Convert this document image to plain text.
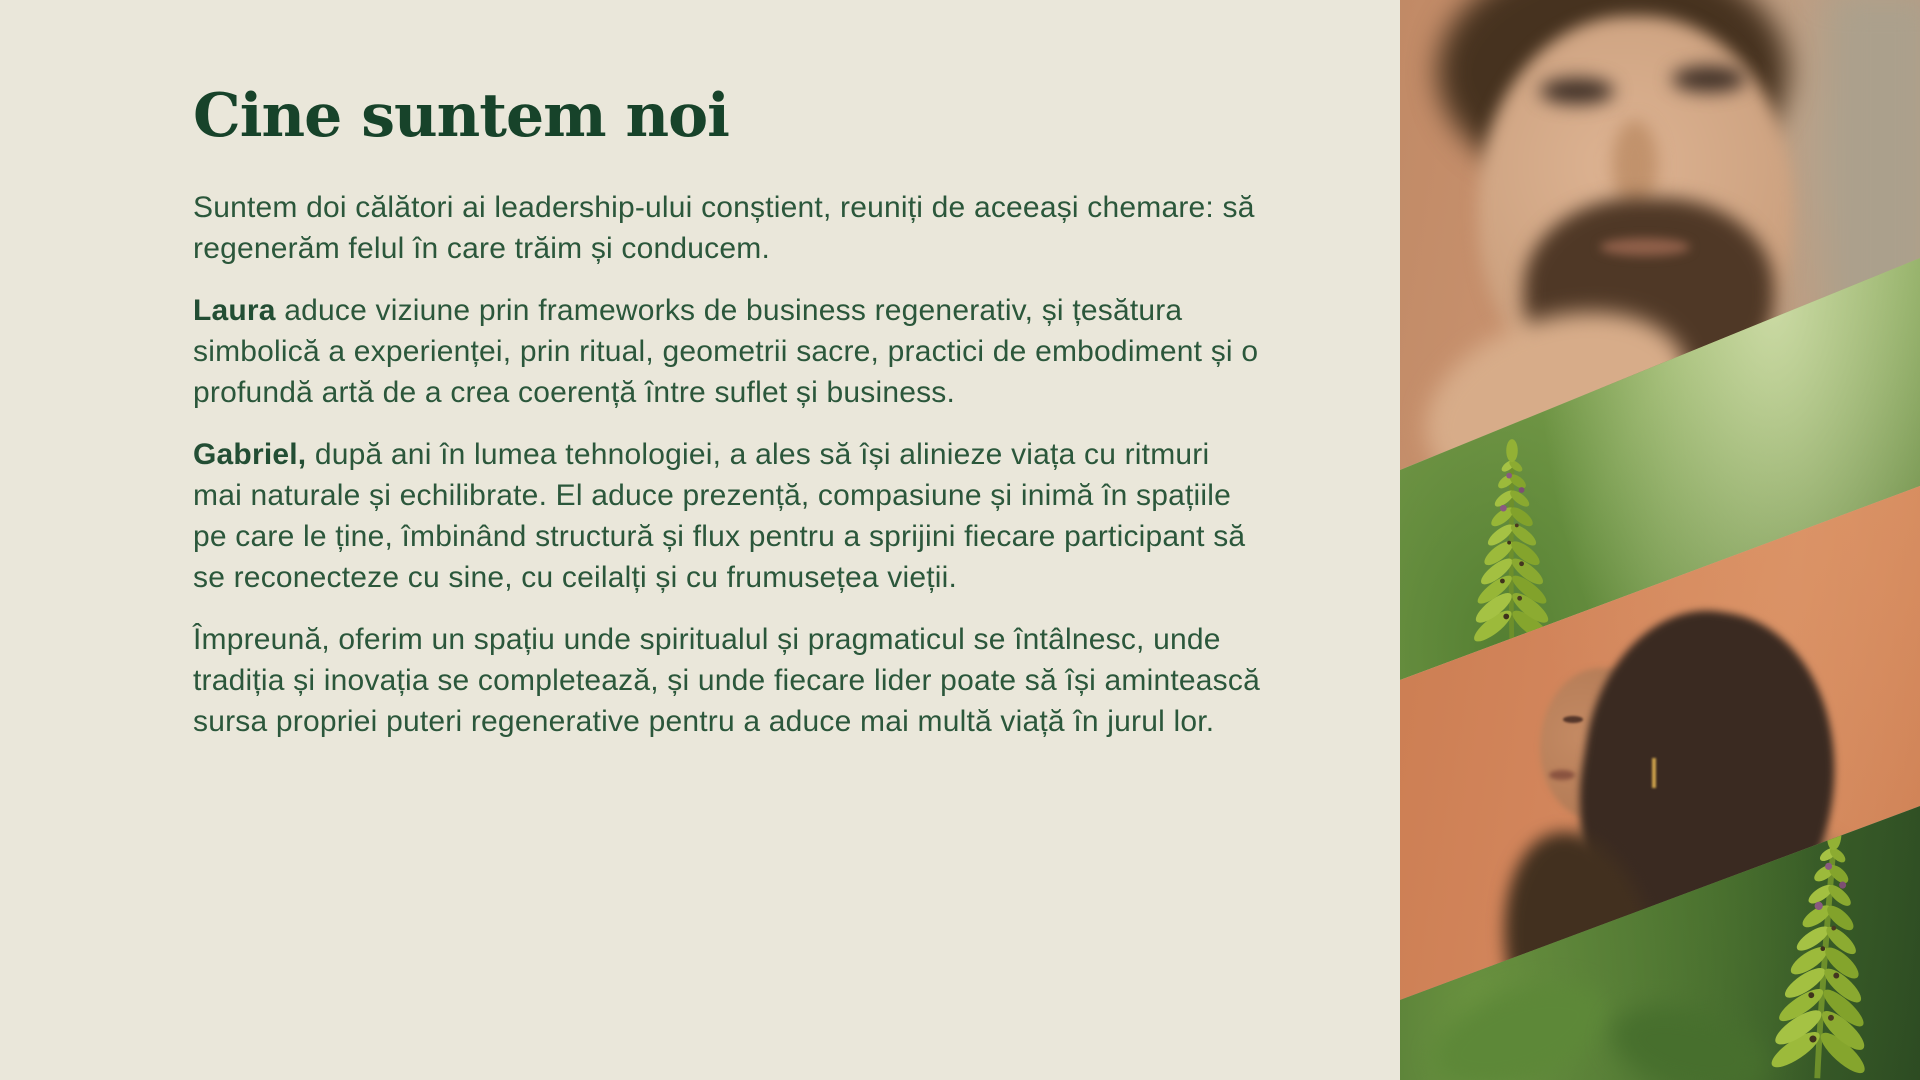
Cine suntem noi

Suntem doi călători ai leadership-ului conștient, reuniți de aceeași chemare: să regenerăm felul în care trăim și conducem.

Laura aduce viziune prin frameworks de business regenerativ, și țesătura simbolică a experienței, prin ritual, geometrii sacre, practici de embodiment și o profundă artă de a crea coerență între suflet și business.

Gabriel, după ani în lumea tehnologiei, a ales să își alinieze viața cu ritmuri mai naturale și echilibrate. El aduce prezență, compasiune și inimă în spațiile pe care le ține, îmbinând structură și flux pentru a sprijini fiecare participant să se reconecteze cu sine, cu ceilalți și cu frumusețea vieții.

Împreună, oferim un spațiu unde spiritualul și pragmaticul se întâlnesc, unde tradiția și inovația se completează, și unde fiecare lider poate să își amintească sursa propriei puteri regenerative pentru a aduce mai multă viață în jurul lor.
